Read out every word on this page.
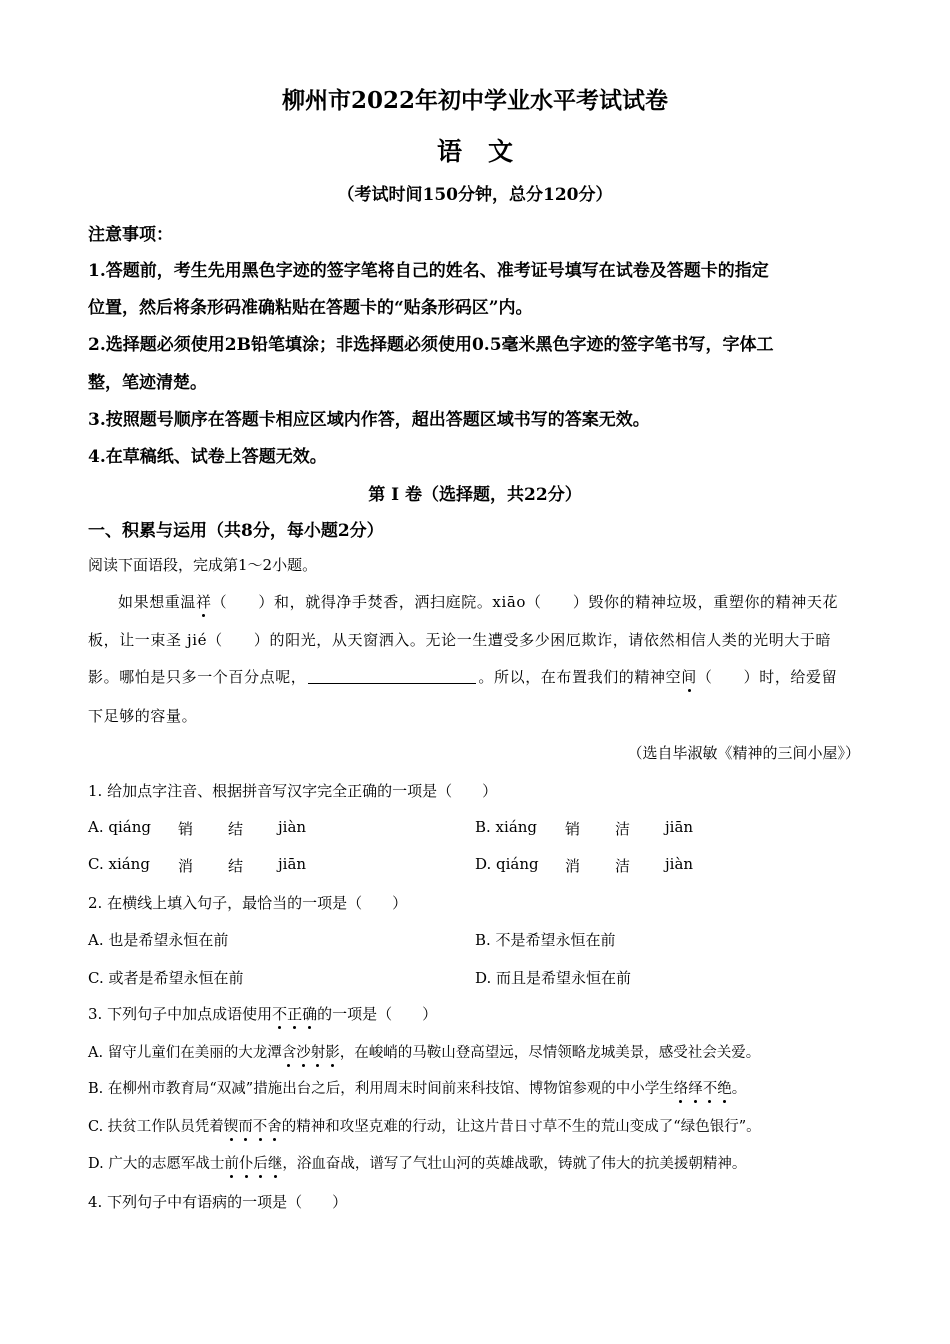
柳州市2022年初中学业水平考试试卷
语文
（考试时间150分钟，总分120分）
注意事项：
1.答题前，考生先用黑色字迹的签字笔将自己的姓名、准考证号填写在试卷及答题卡的指定
位置，然后将条形码准确粘贴在答题卡的“贴条形码区”内。
2.选择题必须使用2B铅笔填涂；非选择题必须使用0.5毫米黑色字迹的签字笔书写，字体工
整，笔迹清楚。
3.按照题号顺序在答题卡相应区域内作答，超出答题区域书写的答案无效。
4.在草稿纸、试卷上答题无效。
第 Ⅰ 卷（选择题，共22分）
一、积累与运用（共8分，每小题2分）
阅读下面语段，完成第1～2小题。
如果想重温祥（　　）和，就得净手焚香，洒扫庭院。xiāo（　　）毁你的精神垃圾，重塑你的精神天花
板，让一束圣 jié（　　）的阳光，从天窗洒入。无论一生遭受多少困厄欺诈，请依然相信人类的光明大于暗
影。哪怕是只多一个百分点呢，	。所以，在布置我们的精神空间（　　）时，给爱留
下足够的容量。
（选自毕淑敏《精神的三间小屋》）
1. 给加点字注音、根据拼音写汉字完全正确的一项是（　　）
A. qiáng 销 结 jiàn	B. xiáng 销 洁 jiān
C. xiáng 消 结 jiān	D. qiáng 消 洁 jiàn
2. 在横线上填入句子，最恰当的一项是（　　）
A. 也是希望永恒在前	B. 不是希望永恒在前
C. 或者是希望永恒在前	D. 而且是希望永恒在前
3. 下列句子中加点成语使用不正确的一项是（　　）
A. 留守儿童们在美丽的大龙潭含沙射影，在峻峭的马鞍山登高望远，尽情领略龙城美景，感受社会关爱。
B. 在柳州市教育局“双减”措施出台之后，利用周末时间前来科技馆、博物馆参观的中小学生络绎不绝。
C. 扶贫工作队员凭着锲而不舍的精神和攻坚克难的行动，让这片昔日寸草不生的荒山变成了“绿色银行”。
D. 广大的志愿军战士前仆后继，浴血奋战，谱写了气壮山河的英雄战歌，铸就了伟大的抗美援朝精神。
4. 下列句子中有语病的一项是（　　）
